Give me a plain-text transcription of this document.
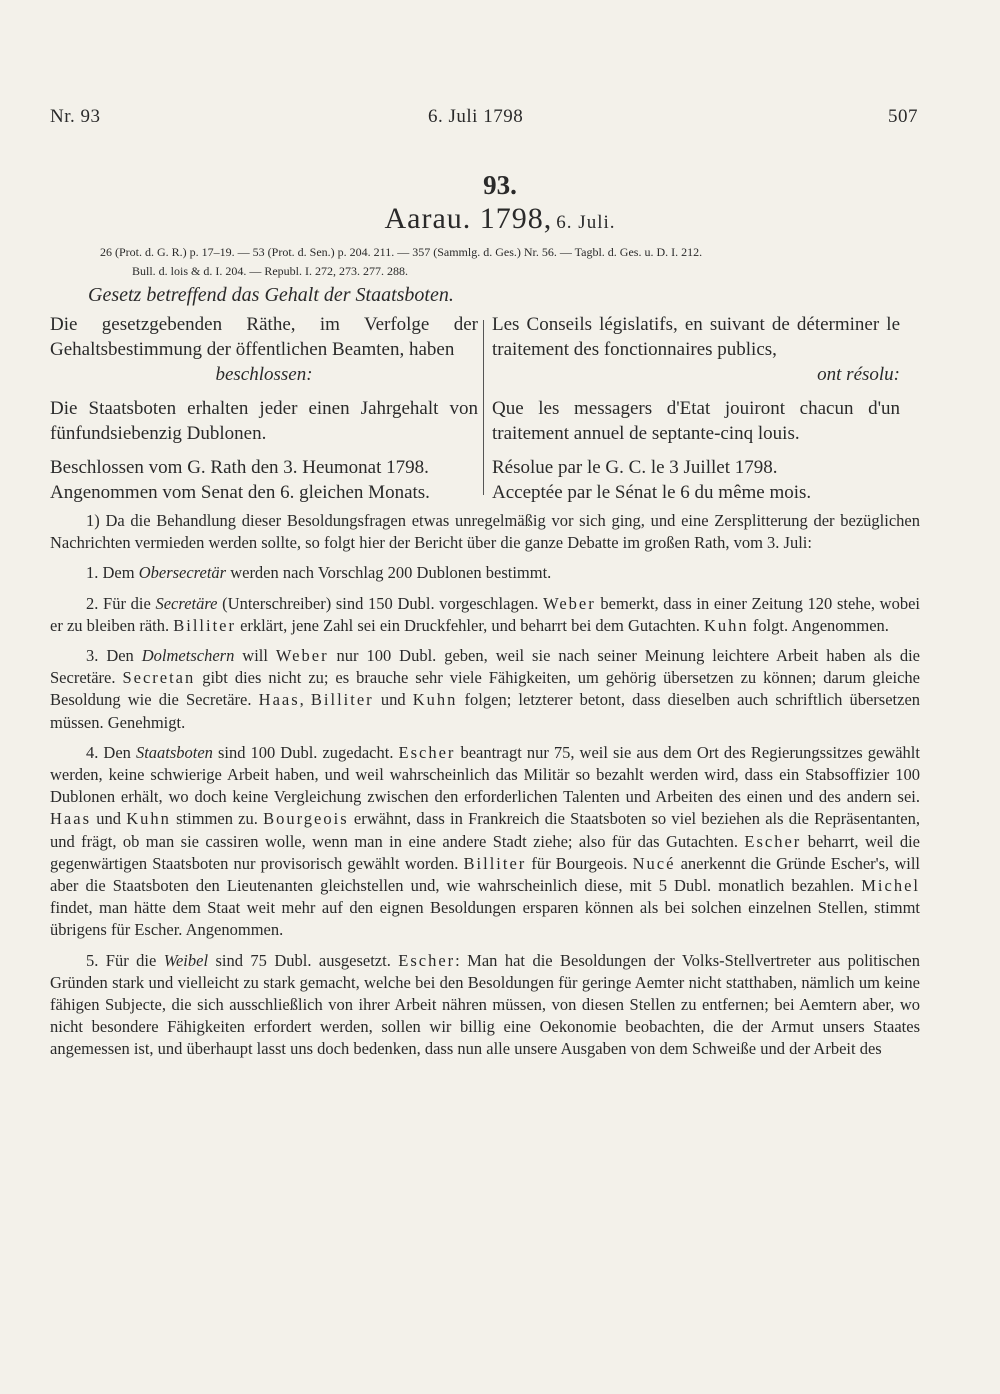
Nr. 93	6. Juli 1798	507
93.
Aarau. 1798, 6. Juli.
26 (Prot. d. G. R.) p. 17–19. — 53 (Prot. d. Sen.) p. 204. 211. — 357 (Sammlg. d. Ges.) Nr. 56. — Tagbl. d. Ges. u. D. I. 212.
Bull. d. lois & d. I. 204. — Republ. I. 272, 273. 277. 288.
Gesetz betreffend das Gehalt der Staatsboten.

Die gesetzgebenden Räthe, im Verfolge der Gehaltsbestimmung der öffentlichen Beamten, haben

beschlossen:

Die Staatsboten erhalten jeder einen Jahrgehalt von fünfundsiebenzig Dublonen.

Beschlossen vom G. Rath den 3. Heumonat 1798.

Angenommen vom Senat den 6. gleichen Monats.

Les Conseils législatifs, en suivant de déterminer le traitement des fonctionnaires publics,

ont résolu:

Que les messagers d'Etat jouiront chacun d'un traitement annuel de septante-cinq louis.

Résolue par le G. C. le 3 Juillet 1798.

Acceptée par le Sénat le 6 du même mois.

1) Da die Behandlung dieser Besoldungsfragen etwas unregelmäßig vor sich ging, und eine Zersplitterung der bezüglichen Nachrichten vermieden werden sollte, so folgt hier der Bericht über die ganze Debatte im großen Rath, vom 3. Juli:

1. Dem Obersecretär werden nach Vorschlag 200 Dublonen bestimmt.

2. Für die Secretäre (Unterschreiber) sind 150 Dubl. vorgeschlagen. Weber bemerkt, dass in einer Zeitung 120 stehe, wobei er zu bleiben räth. Billiter erklärt, jene Zahl sei ein Druckfehler, und beharrt bei dem Gutachten. Kuhn folgt. Angenommen.

3. Den Dolmetschern will Weber nur 100 Dubl. geben, weil sie nach seiner Meinung leichtere Arbeit haben als die Secretäre. Secretan gibt dies nicht zu; es brauche sehr viele Fähigkeiten, um gehörig übersetzen zu können; darum gleiche Besoldung wie die Secretäre. Haas, Billiter und Kuhn folgen; letzterer betont, dass dieselben auch schriftlich übersetzen müssen. Genehmigt.

4. Den Staatsboten sind 100 Dubl. zugedacht. Escher beantragt nur 75, weil sie aus dem Ort des Regierungssitzes gewählt werden, keine schwierige Arbeit haben, und weil wahrscheinlich das Militär so bezahlt werden wird, dass ein Stabsoffizier 100 Dublonen erhält, wo doch keine Vergleichung zwischen den erforderlichen Talenten und Arbeiten des einen und des andern sei. Haas und Kuhn stimmen zu. Bourgeois erwähnt, dass in Frankreich die Staatsboten so viel beziehen als die Repräsentanten, und frägt, ob man sie cassiren wolle, wenn man in eine andere Stadt ziehe; also für das Gutachten. Escher beharrt, weil die gegenwärtigen Staatsboten nur provisorisch gewählt worden. Billiter für Bourgeois. Nucé anerkennt die Gründe Escher's, will aber die Staatsboten den Lieutenanten gleichstellen und, wie wahrscheinlich diese, mit 5 Dubl. monatlich bezahlen. Michel findet, man hätte dem Staat weit mehr auf den eignen Besoldungen ersparen können als bei solchen einzelnen Stellen, stimmt übrigens für Escher. Angenommen.

5. Für die Weibel sind 75 Dubl. ausgesetzt. Escher: Man hat die Besoldungen der Volks-Stellvertreter aus politischen Gründen stark und vielleicht zu stark gemacht, welche bei den Besoldungen für geringe Aemter nicht statthaben, nämlich um keine fähigen Subjecte, die sich ausschließlich von ihrer Arbeit nähren müssen, von diesen Stellen zu entfernen; bei Aemtern aber, wo nicht besondere Fähigkeiten erfordert werden, sollen wir billig eine Oekonomie beobachten, die der Armut unsers Staates angemessen ist, und überhaupt lasst uns doch bedenken, dass nun alle unsere Ausgaben von dem Schweiße und der Arbeit des
